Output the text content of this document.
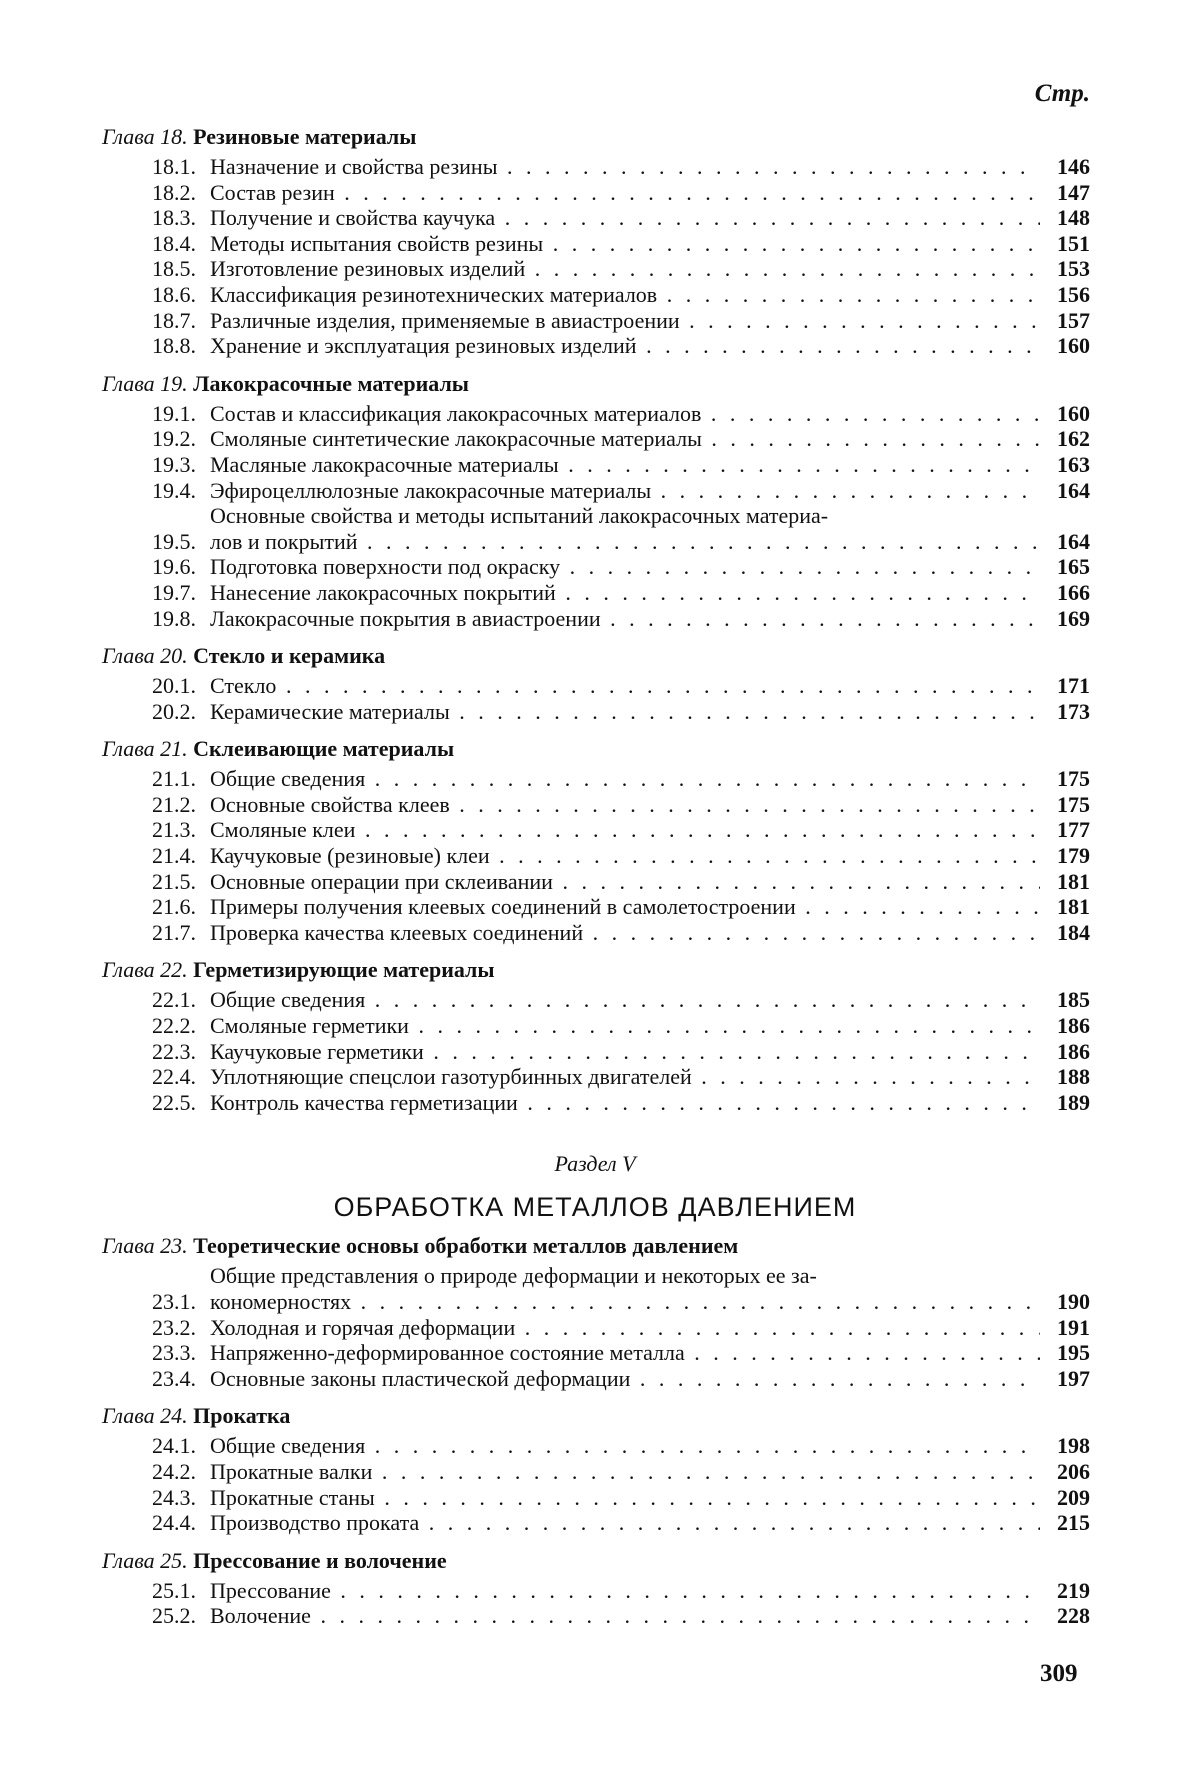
Стр.
Глава 18. Резиновые материалы
18.1. Назначение и свойства резины . . .	146
18.2. Состав резин . . .	147
18.3. Получение и свойства каучука . . .	148
18.4. Методы испытания свойств резины . . .	151
18.5. Изготовление резиновых изделий . . .	153
18.6. Классификация резинотехнических материалов . . .	156
18.7. Различные изделия, применяемые в авиастроении . . .	157
18.8. Хранение и эксплуатация резиновых изделий . . .	160
Глава 19. Лакокрасочные материалы
19.1. Состав и классификация лакокрасочных материалов . . .	160
19.2. Смоляные синтетические лакокрасочные материалы . . .	162
19.3. Масляные лакокрасочные материалы . . .	163
19.4. Эфироцеллюлозные лакокрасочные материалы . . .	164
19.5.
Основные свойства и методы испытаний лакокрасочных материа-
лов и покрытий . . .	164
19.6. Подготовка поверхности под окраску . . .	165
19.7. Нанесение лакокрасочных покрытий . . .	166
19.8. Лакокрасочные покрытия в авиастроении . . .	169
Глава 20. Стекло и керамика
20.1. Стекло . . .	171
20.2. Керамические материалы . . .	173
Глава 21. Склеивающие материалы
21.1. Общие сведения . . .	175
21.2. Основные свойства клеев . . .	175
21.3. Смоляные клеи . . .	177
21.4. Каучуковые (резиновые) клеи . . .	179
21.5. Основные операции при склеивании . . .	181
21.6. Примеры получения клеевых соединений в самолетостроении . . .	181
21.7. Проверка качества клеевых соединений . . .	184
Глава 22. Герметизирующие материалы
22.1. Общие сведения . . .	185
22.2. Смоляные герметики . . .	186
22.3. Каучуковые герметики . . .	186
22.4. Уплотняющие спецслои газотурбинных двигателей . . .	188
22.5. Контроль качества герметизации . . .	189
Раздел V
ОБРАБОТКА МЕТАЛЛОВ ДАВЛЕНИЕМ
Глава 23. Теоретические основы обработки металлов давлением
23.1.
Общие представления о природе деформации и некоторых ее за-
кономерностях . . .	190
23.2. Холодная и горячая деформации . . .	191
23.3. Напряженно-деформированное состояние металла . . .	195
23.4. Основные законы пластической деформации . . .	197
Глава 24. Прокатка
24.1. Общие сведения . . .	198
24.2. Прокатные валки . . .	206
24.3. Прокатные станы . . .	209
24.4. Производство проката . . .	215
Глава 25. Прессование и волочение
25.1. Прессование . . .	219
25.2. Волочение . . .	228
309
